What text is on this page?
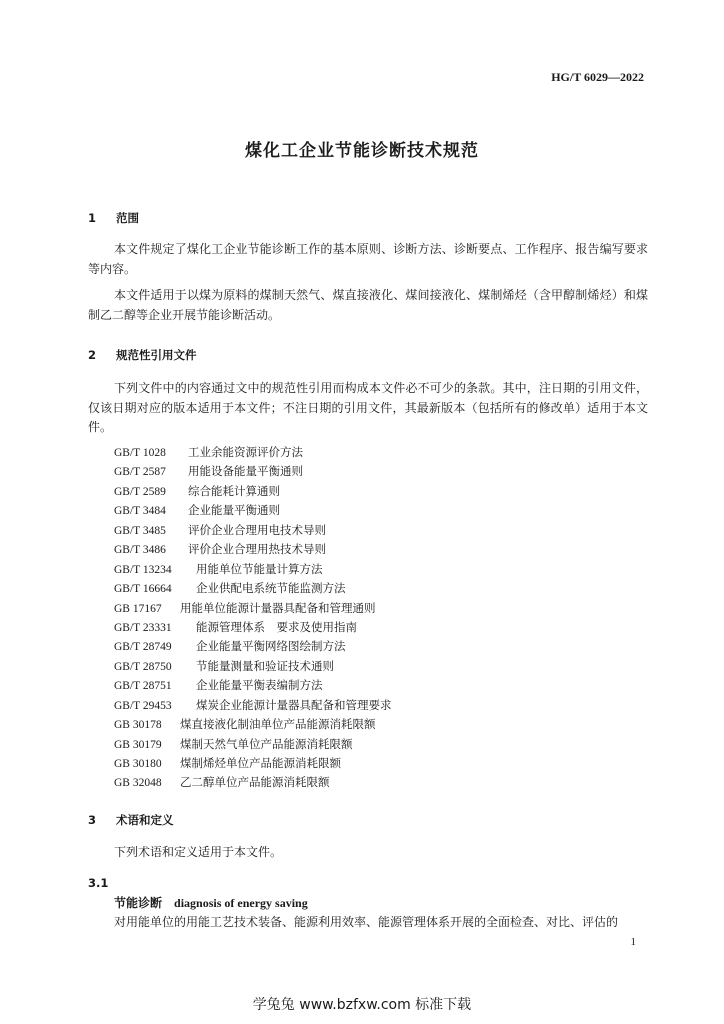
HG/T 6029—2022
煤化工企业节能诊断技术规范
1 范围

本文件规定了煤化工企业节能诊断工作的基本原则、诊断方法、诊断要点、工作程序、报告编写要求等内容。

本文件适用于以煤为原料的煤制天然气、煤直接液化、煤间接液化、煤制烯烃（含甲醇制烯烃）和煤制乙二醇等企业开展节能诊断活动。

2 规范性引用文件

下列文件中的内容通过文中的规范性引用而构成本文件必不可少的条款。其中，注日期的引用文件，仅该日期对应的版本适用于本文件；不注日期的引用文件，其最新版本（包括所有的修改单）适用于本文件。

GB/T 1028 工业余能资源评价方法
GB/T 2587 用能设备能量平衡通则
GB/T 2589 综合能耗计算通则
GB/T 3484 企业能量平衡通则
GB/T 3485 评价企业合理用电技术导则
GB/T 3486 评价企业合理用热技术导则
GB/T 13234 用能单位节能量计算方法
GB/T 16664 企业供配电系统节能监测方法
GB 17167 用能单位能源计量器具配备和管理通则
GB/T 23331 能源管理体系　要求及使用指南
GB/T 28749 企业能量平衡网络图绘制方法
GB/T 28750 节能量测量和验证技术通则
GB/T 28751 企业能量平衡表编制方法
GB/T 29453 煤炭企业能源计量器具配备和管理要求
GB 30178 煤直接液化制油单位产品能源消耗限额
GB 30179 煤制天然气单位产品能源消耗限额
GB 30180 煤制烯烃单位产品能源消耗限额
GB 32048 乙二醇单位产品能源消耗限额
3 术语和定义

下列术语和定义适用于本文件。

3.1
节能诊断 diagnosis of energy saving
对用能单位的用能工艺技术装备、能源利用效率、能源管理体系开展的全面检查、对比、评估的
1
学兔兔 www.bzfxw.com 标准下载
